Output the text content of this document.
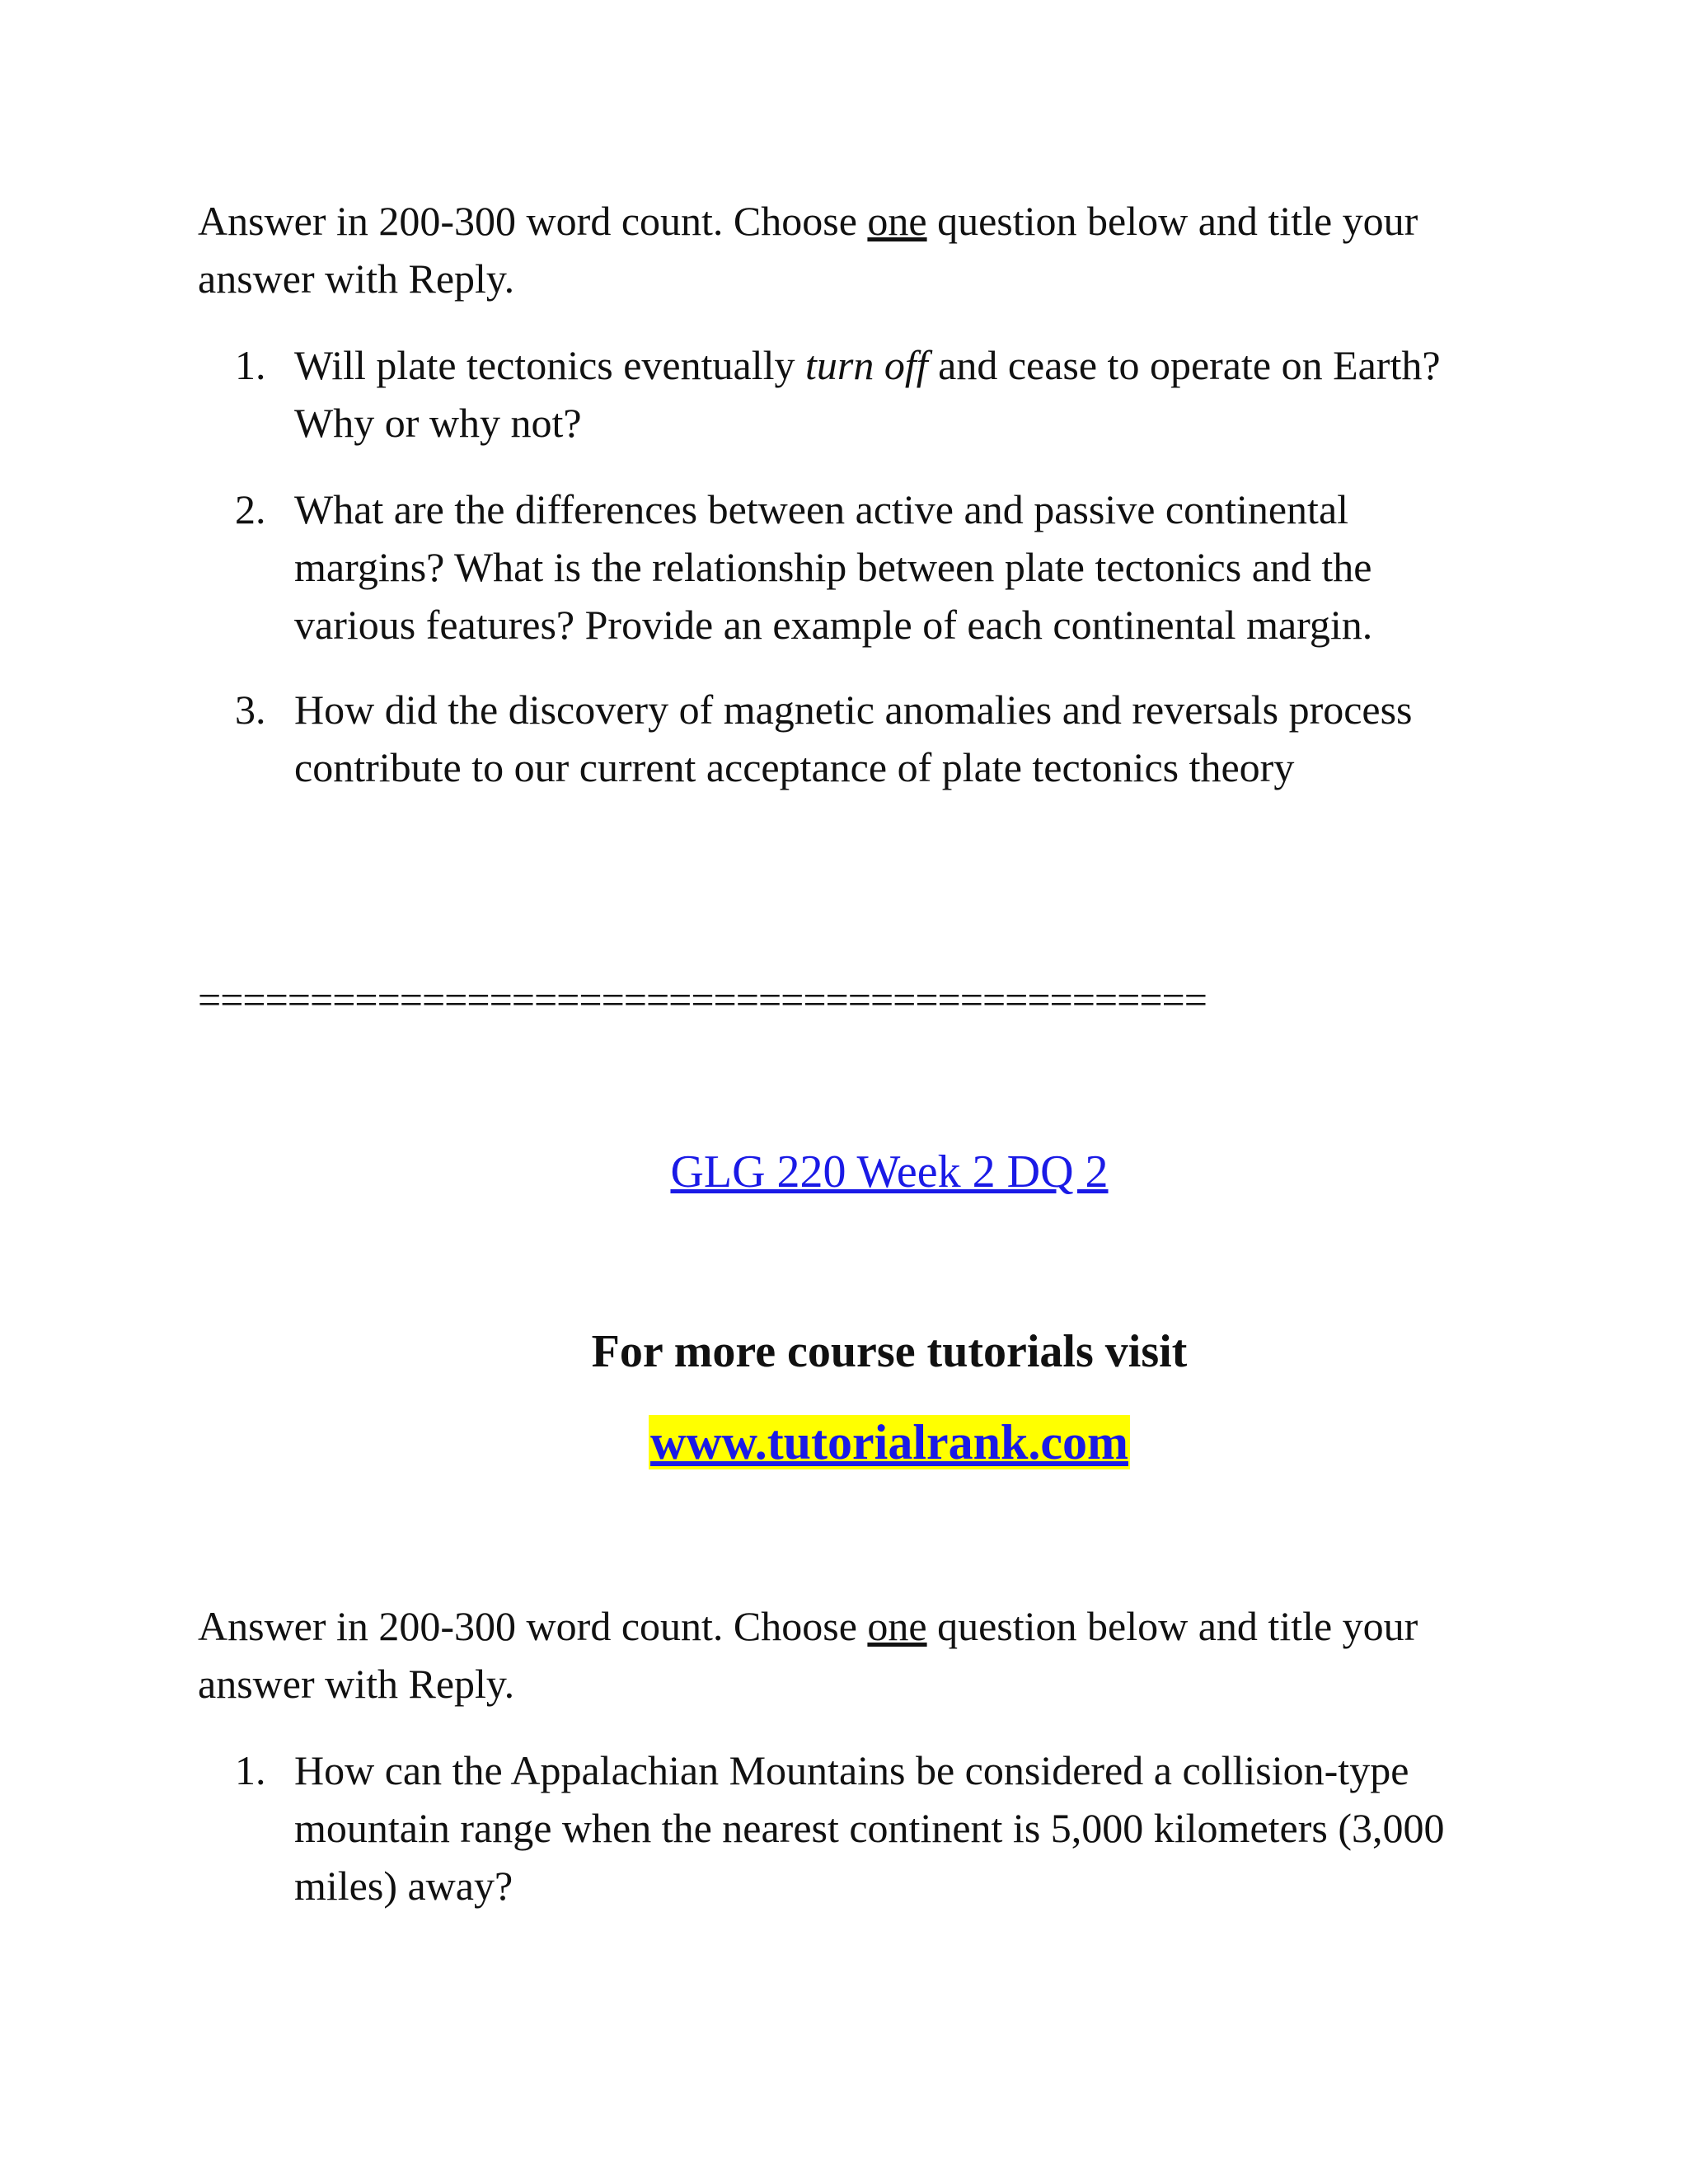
Answer in 200-300 word count. Choose one question below and title your answer with Reply.

1. Will plate tectonics eventually turn off and cease to operate on Earth? Why or why not?
2. What are the differences between active and passive continental margins? What is the relationship between plate tectonics and the various features? Provide an example of each continental margin.
3. How did the discovery of magnetic anomalies and reversals process contribute to our current acceptance of plate tectonics theory

=============================================

GLG 220 Week 2 DQ 2

For more course tutorials visit

www.tutorialrank.com

Answer in 200-300 word count. Choose one question below and title your answer with Reply.

1. How can the Appalachian Mountains be considered a collision-type mountain range when the nearest continent is 5,000 kilometers (3,000 miles) away?
